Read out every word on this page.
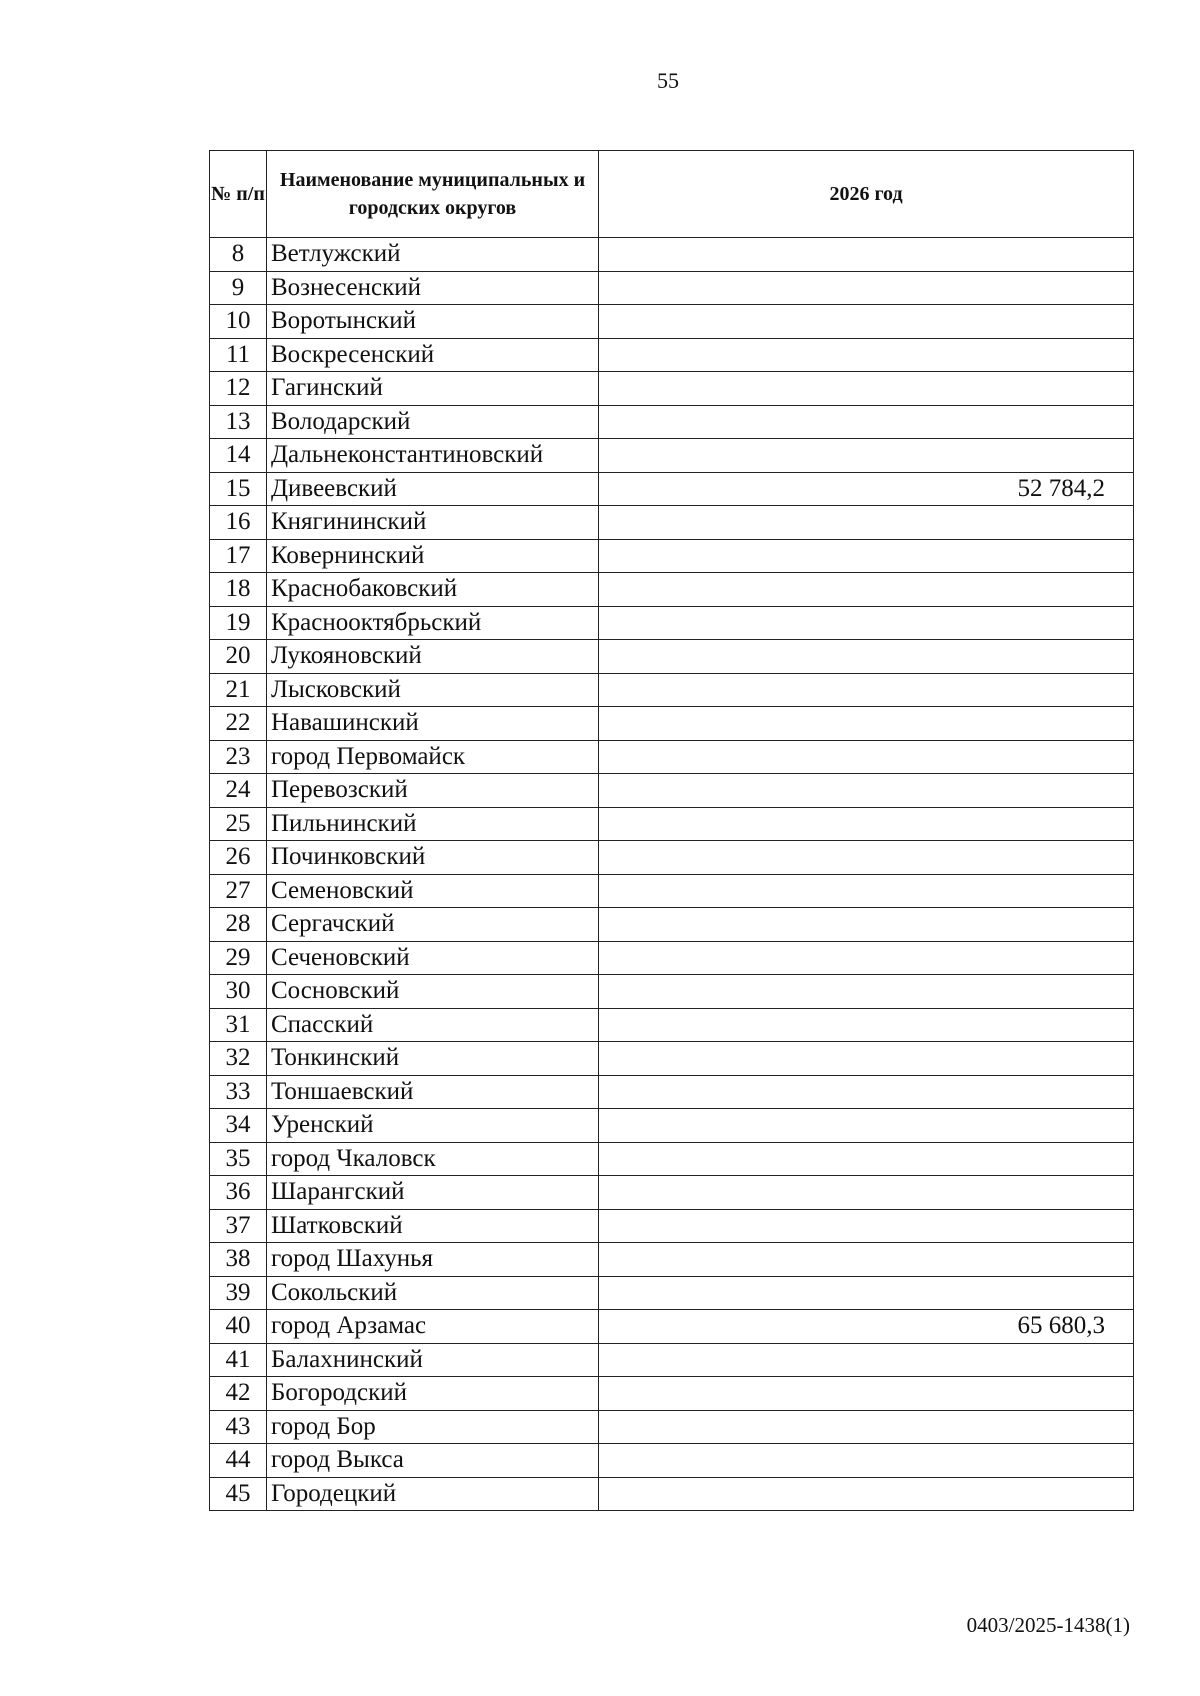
55
№ п/п	Наименование муниципальных и городских округов	2026 год
8	Ветлужский	
9	Вознесенский	
10	Воротынский	
11	Воскресенский	
12	Гагинский	
13	Володарский	
14	Дальнеконстантиновский	
15	Дивеевский	52 784,2
16	Княгининский	
17	Ковернинский	
18	Краснобаковский	
19	Краснооктябрьский	
20	Лукояновский	
21	Лысковский	
22	Навашинский	
23	город Первомайск	
24	Перевозский	
25	Пильнинский	
26	Починковский	
27	Семеновский	
28	Сергачский	
29	Сеченовский	
30	Сосновский	
31	Спасский	
32	Тонкинский	
33	Тоншаевский	
34	Уренский	
35	город Чкаловск	
36	Шарангский	
37	Шатковский	
38	город Шахунья	
39	Сокольский	
40	город Арзамас	65 680,3
41	Балахнинский	
42	Богородский	
43	город Бор	
44	город Выкса	
45	Городецкий	
0403/2025-1438(1)
